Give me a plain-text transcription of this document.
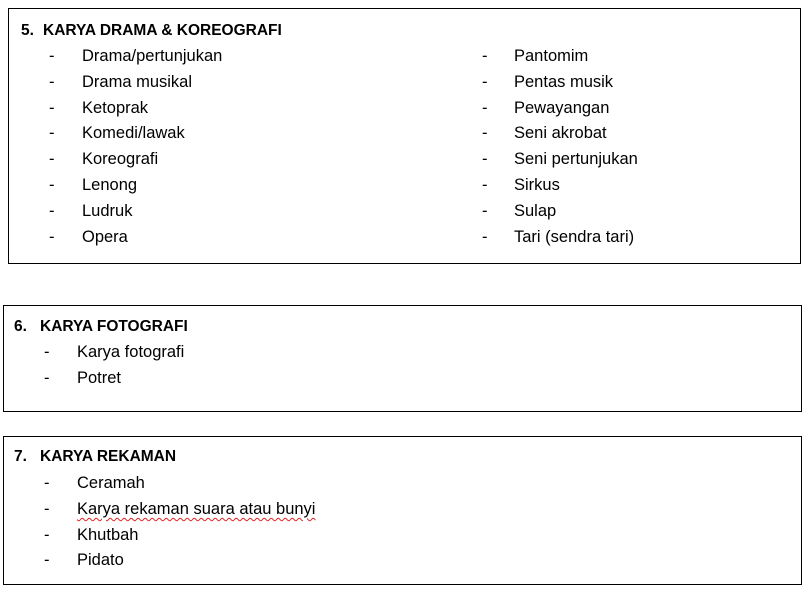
5. KARYA DRAMA & KOREOGRAFI
- Drama/pertunjukan
- Drama musikal
- Ketoprak
- Komedi/lawak
- Koreografi
- Lenong
- Ludruk
- Opera
- Pantomim
- Pentas musik
- Pewayangan
- Seni akrobat
- Seni pertunjukan
- Sirkus
- Sulap
- Tari (sendra tari)
6. KARYA FOTOGRAFI
- Karya fotografi
- Potret
7. KARYA REKAMAN
- Ceramah
- Karya rekaman suara atau bunyi
- Khutbah
- Pidato
